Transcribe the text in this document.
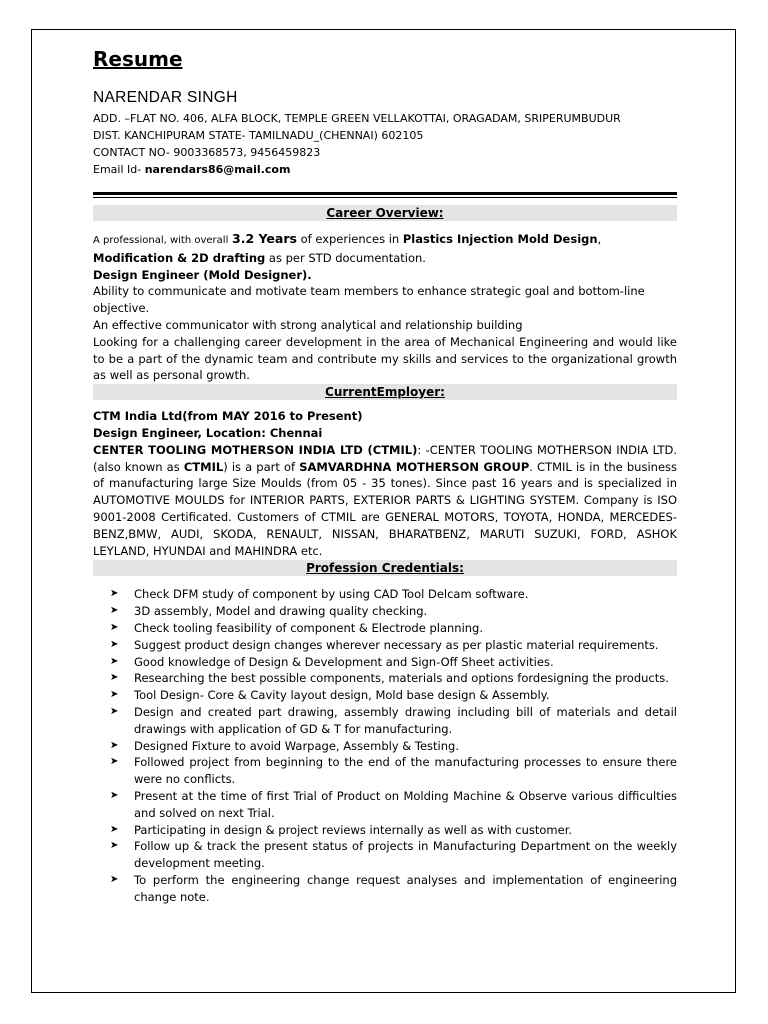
Resume
NARENDAR SINGH
ADD. –FLAT NO. 406, ALFA BLOCK, TEMPLE GREEN VELLAKOTTAI, ORAGADAM, SRIPERUMBUDUR
DIST. KANCHIPURAM STATE- TAMILNADU_(CHENNAI) 602105
CONTACT NO- 9003368573, 9456459823
Email Id- narendars86@mail.com
Career Overview:
A professional, with overall 3.2 Years of experiences in Plastics Injection Mold Design,
Modification & 2D drafting as per STD documentation.
Design Engineer (Mold Designer).
Ability to communicate and motivate team members to enhance strategic goal and bottom-line objective.
An effective communicator with strong analytical and relationship building
Looking for a challenging career development in the area of Mechanical Engineering and would like to be a part of the dynamic team and contribute my skills and services to the organizational growth as well as personal growth.
CurrentEmployer:
CTM India Ltd(from MAY 2016 to Present)
Design Engineer, Location: Chennai
CENTER TOOLING MOTHERSON INDIA LTD (CTMIL): -CENTER TOOLING MOTHERSON INDIA LTD. (also known as CTMIL) is a part of SAMVARDHNA MOTHERSON GROUP. CTMIL is in the business of manufacturing large Size Moulds (from 05 - 35 tones). Since past 16 years and is specialized in AUTOMOTIVE MOULDS for INTERIOR PARTS, EXTERIOR PARTS & LIGHTING SYSTEM. Company is ISO 9001-2008 Certificated. Customers of CTMIL are GENERAL MOTORS, TOYOTA, HONDA, MERCEDES-BENZ,BMW, AUDI, SKODA, RENAULT, NISSAN, BHARATBENZ, MARUTI SUZUKI, FORD, ASHOK LEYLAND, HYUNDAI and MAHINDRA etc.
Profession Credentials:
➤ Check DFM study of component by using CAD Tool Delcam software.
➤ 3D assembly, Model and drawing quality checking.
➤ Check tooling feasibility of component & Electrode planning.
➤ Suggest product design changes wherever necessary as per plastic material requirements.
➤ Good knowledge of Design & Development and Sign-Off Sheet activities.
➤ Researching the best possible components, materials and options fordesigning the products.
➤ Tool Design- Core & Cavity layout design, Mold base design & Assembly.
➤ Design and created part drawing, assembly drawing including bill of materials and detail drawings with application of GD & T for manufacturing.
➤ Designed Fixture to avoid Warpage, Assembly & Testing.
➤ Followed project from beginning to the end of the manufacturing processes to ensure there were no conflicts.
➤ Present at the time of first Trial of Product on Molding Machine & Observe various difficulties and solved on next Trial.
➤ Participating in design & project reviews internally as well as with customer.
➤ Follow up & track the present status of projects in Manufacturing Department on the weekly development meeting.
➤ To perform the engineering change request analyses and implementation of engineering change note.
